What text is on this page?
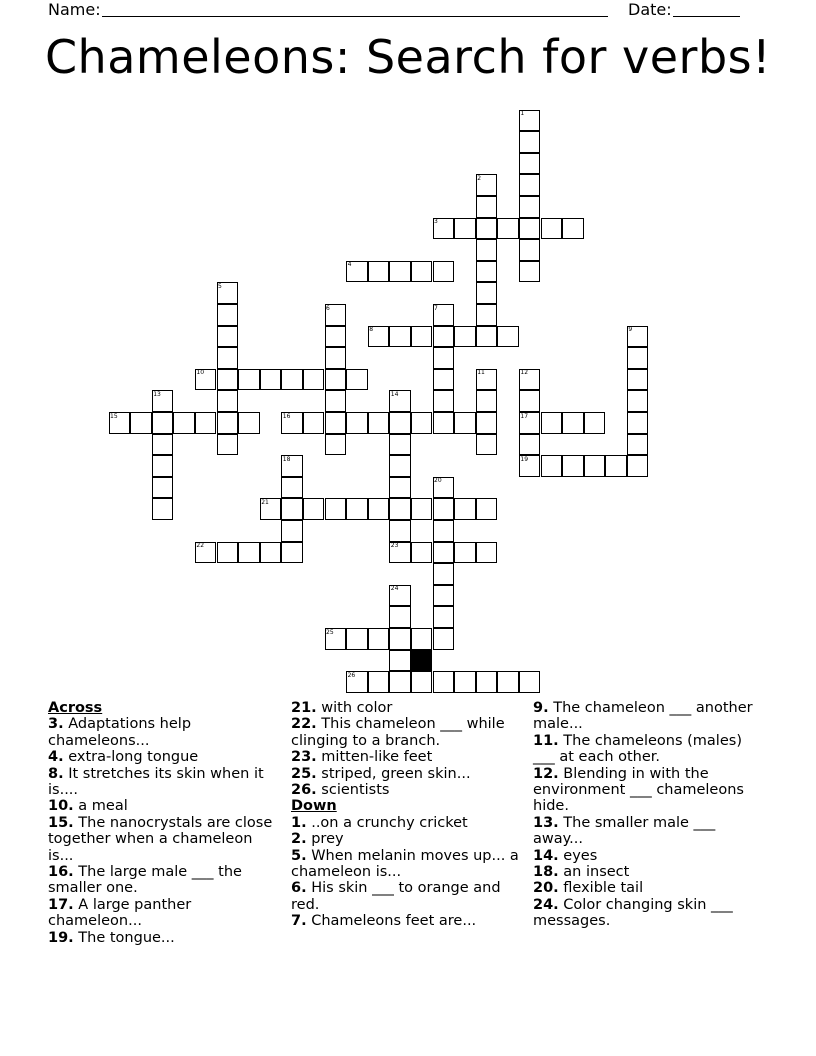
Name:	Date:
Chameleons: Search for verbs!
1
2
3
4
5
6	7
8	9
10	11	12
13	14
15	16	17
18	19
20
21
22	23
24
25
26
Across
3. Adaptations help chameleons...
4. extra-long tongue
8. It stretches its skin when it is....
10. a meal
15. The nanocrystals are close together when a chameleon is...
16. The large male ___ the smaller one.
17. A large panther chameleon...
19. The tongue...
21. with color
22. This chameleon ___ while clinging to a branch.
23. mitten-like feet
25. striped, green skin...
26. scientists
Down
1. ..on a crunchy cricket
2. prey
5. When melanin moves up... a chameleon is...
6. His skin ___ to orange and red.
7. Chameleons feet are...
9. The chameleon ___ another male...
11. The chameleons (males) ___ at each other.
12. Blending in with the environment ___ chameleons hide.
13. The smaller male ___ away...
14. eyes
18. an insect
20. flexible tail
24. Color changing skin ___ messages.
